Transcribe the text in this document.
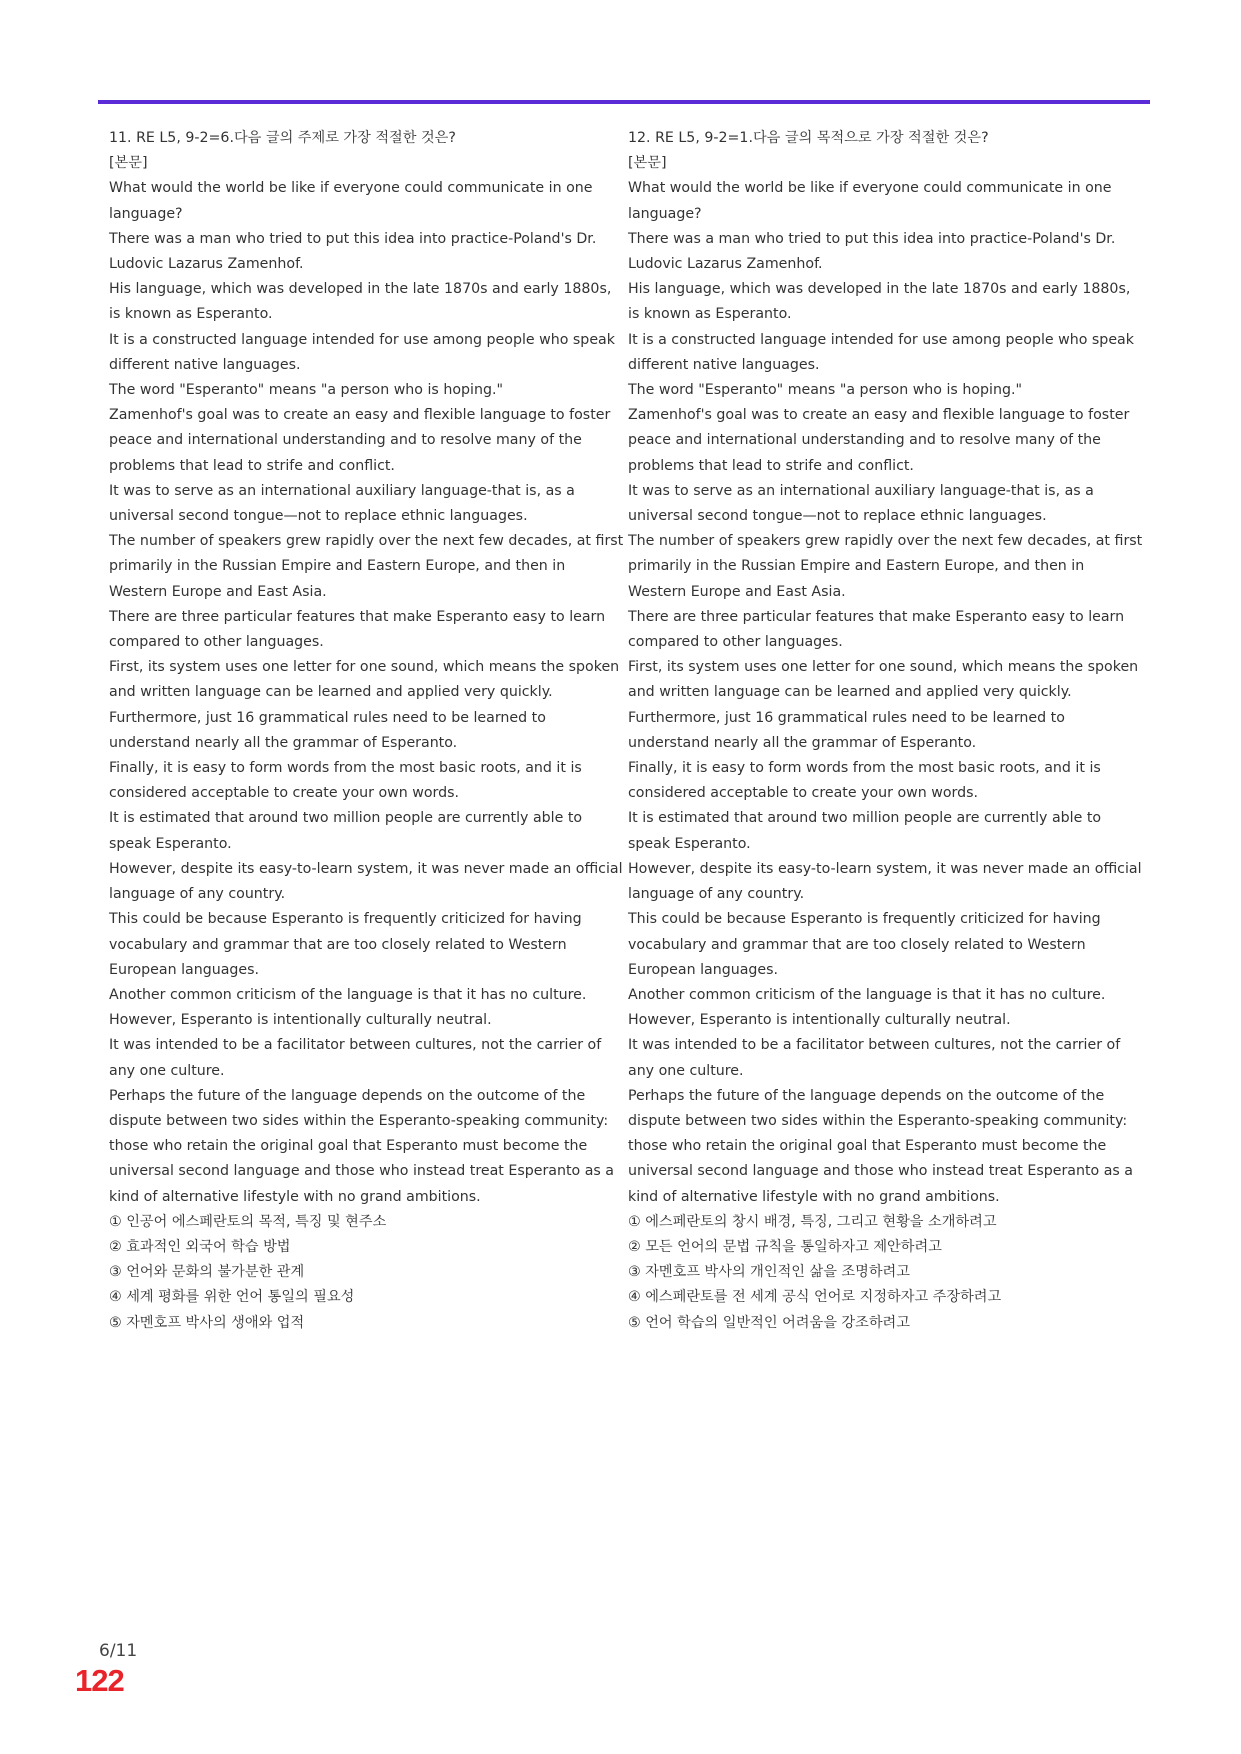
11. RE L5, 9-2=6.다음 글의 주제로 가장 적절한 것은?

[본문]

What would the world be like if everyone could communicate in one language?

There was a man who tried to put this idea into practice-Poland's Dr. Ludovic Lazarus Zamenhof.

His language, which was developed in the late 1870s and early 1880s, is known as Esperanto.

It is a constructed language intended for use among people who speak different native languages.

The word "Esperanto" means "a person who is hoping."

Zamenhof's goal was to create an easy and flexible language to foster peace and international understanding and to resolve many of the problems that lead to strife and conflict.

It was to serve as an international auxiliary language-that is, as a universal second tongue—not to replace ethnic languages.

The number of speakers grew rapidly over the next few decades, at first primarily in the Russian Empire and Eastern Europe, and then in Western Europe and East Asia.

There are three particular features that make Esperanto easy to learn compared to other languages.

First, its system uses one letter for one sound, which means the spoken and written language can be learned and applied very quickly.

Furthermore, just 16 grammatical rules need to be learned to understand nearly all the grammar of Esperanto.

Finally, it is easy to form words from the most basic roots, and it is considered acceptable to create your own words.

It is estimated that around two million people are currently able to speak Esperanto.

However, despite its easy-to-learn system, it was never made an official language of any country.

This could be because Esperanto is frequently criticized for having vocabulary and grammar that are too closely related to Western European languages.

Another common criticism of the language is that it has no culture.

However, Esperanto is intentionally culturally neutral.

It was intended to be a facilitator between cultures, not the carrier of any one culture.

Perhaps the future of the language depends on the outcome of the dispute between two sides within the Esperanto-speaking community: those who retain the original goal that Esperanto must become the universal second language and those who instead treat Esperanto as a kind of alternative lifestyle with no grand ambitions.

① 인공어 에스페란토의 목적, 특징 및 현주소

② 효과적인 외국어 학습 방법

③ 언어와 문화의 불가분한 관계

④ 세계 평화를 위한 언어 통일의 필요성

⑤ 자멘호프 박사의 생애와 업적

12. RE L5, 9-2=1.다음 글의 목적으로 가장 적절한 것은?

[본문]

What would the world be like if everyone could communicate in one language?

There was a man who tried to put this idea into practice-Poland's Dr. Ludovic Lazarus Zamenhof.

His language, which was developed in the late 1870s and early 1880s, is known as Esperanto.

It is a constructed language intended for use among people who speak different native languages.

The word "Esperanto" means "a person who is hoping."

Zamenhof's goal was to create an easy and flexible language to foster peace and international understanding and to resolve many of the problems that lead to strife and conflict.

It was to serve as an international auxiliary language-that is, as a universal second tongue—not to replace ethnic languages.

The number of speakers grew rapidly over the next few decades, at first primarily in the Russian Empire and Eastern Europe, and then in Western Europe and East Asia.

There are three particular features that make Esperanto easy to learn compared to other languages.

First, its system uses one letter for one sound, which means the spoken and written language can be learned and applied very quickly.

Furthermore, just 16 grammatical rules need to be learned to understand nearly all the grammar of Esperanto.

Finally, it is easy to form words from the most basic roots, and it is considered acceptable to create your own words.

It is estimated that around two million people are currently able to speak Esperanto.

However, despite its easy-to-learn system, it was never made an official language of any country.

This could be because Esperanto is frequently criticized for having vocabulary and grammar that are too closely related to Western European languages.

Another common criticism of the language is that it has no culture.

However, Esperanto is intentionally culturally neutral.

It was intended to be a facilitator between cultures, not the carrier of any one culture.

Perhaps the future of the language depends on the outcome of the dispute between two sides within the Esperanto-speaking community: those who retain the original goal that Esperanto must become the universal second language and those who instead treat Esperanto as a kind of alternative lifestyle with no grand ambitions.

① 에스페란토의 창시 배경, 특징, 그리고 현황을 소개하려고

② 모든 언어의 문법 규칙을 통일하자고 제안하려고

③ 자멘호프 박사의 개인적인 삶을 조명하려고

④ 에스페란토를 전 세계 공식 언어로 지정하자고 주장하려고

⑤ 언어 학습의 일반적인 어려움을 강조하려고

6/11
122
